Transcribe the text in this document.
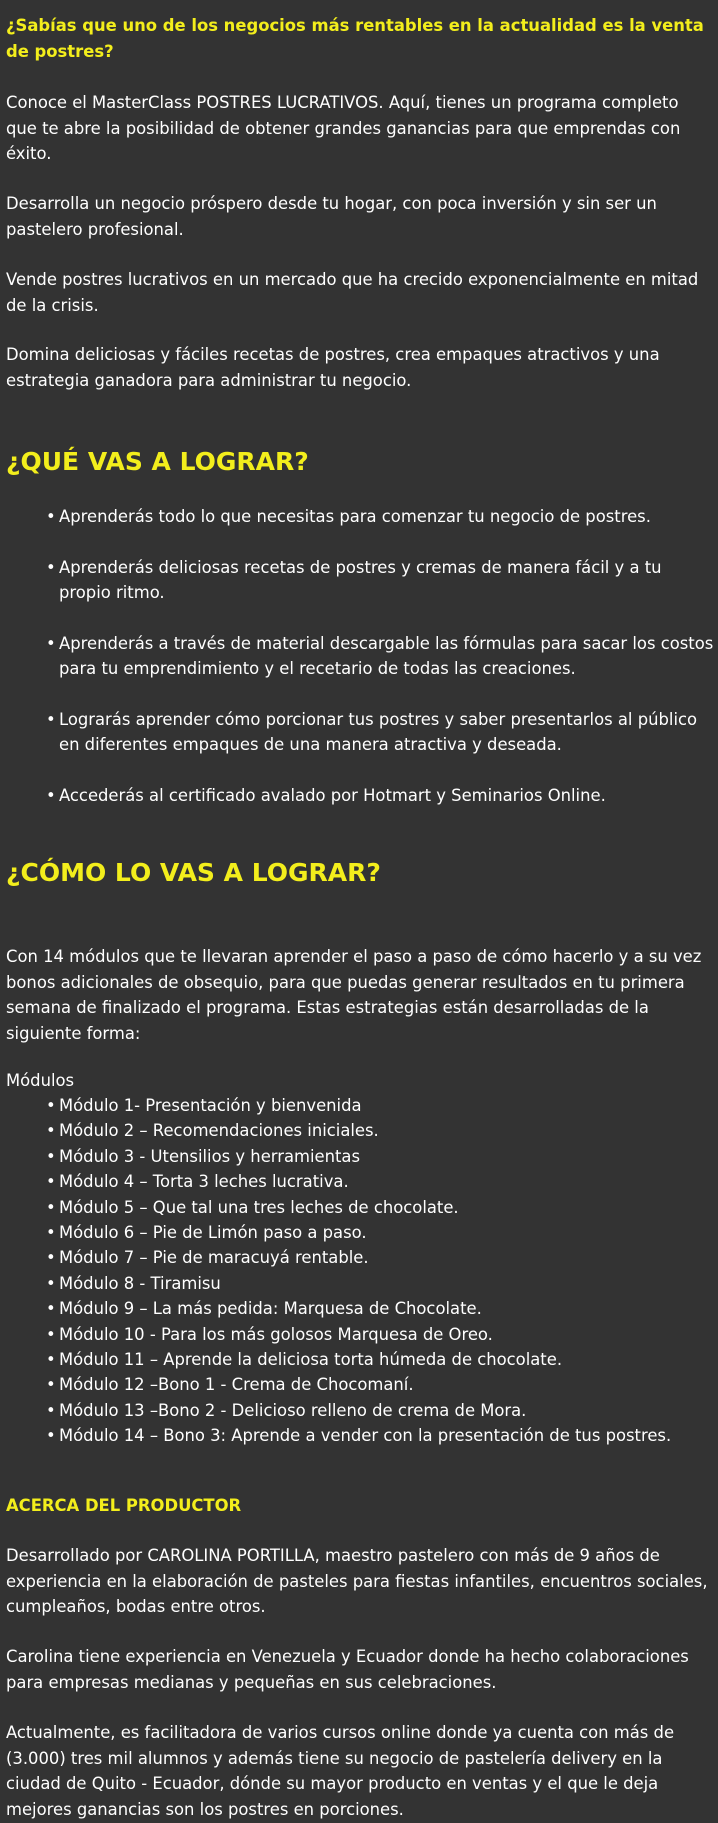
¿Sabías que uno de los negocios más rentables en la actualidad es la venta de postres?

Conoce el MasterClass POSTRES LUCRATIVOS. Aquí, tienes un programa completo que te abre la posibilidad de obtener grandes ganancias para que emprendas con éxito.

Desarrolla un negocio próspero desde tu hogar, con poca inversión y sin ser un pastelero profesional.

Vende postres lucrativos en un mercado que ha crecido exponencialmente en mitad de la crisis.

Domina deliciosas y fáciles recetas de postres, crea empaques atractivos y una estrategia ganadora para administrar tu negocio.

¿QUÉ VAS A LOGRAR?
• Aprenderás todo lo que necesitas para comenzar tu negocio de postres.
• Aprenderás deliciosas recetas de postres y cremas de manera fácil y a tu propio ritmo.
• Aprenderás a través de material descargable las fórmulas para sacar los costos para tu emprendimiento y el recetario de todas las creaciones.
• Lograrás aprender cómo porcionar tus postres y saber presentarlos al público en diferentes empaques de una manera atractiva y deseada.
• Accederás al certificado avalado por Hotmart y Seminarios Online.
¿CÓMO LO VAS A LOGRAR?

Con 14 módulos que te llevaran aprender el paso a paso de cómo hacerlo y a su vez bonos adicionales de obsequio, para que puedas generar resultados en tu primera semana de finalizado el programa. Estas estrategias están desarrolladas de la siguiente forma:

Módulos

• Módulo 1- Presentación y bienvenida
• Módulo 2 – Recomendaciones iniciales.
• Módulo 3 - Utensilios y herramientas
• Módulo 4 – Torta 3 leches lucrativa.
• Módulo 5 – Que tal una tres leches de chocolate.
• Módulo 6 – Pie de Limón paso a paso.
• Módulo 7 – Pie de maracuyá rentable.
• Módulo 8 - Tiramisu
• Módulo 9 – La más pedida: Marquesa de Chocolate.
• Módulo 10 - Para los más golosos Marquesa de Oreo.
• Módulo 11 – Aprende la deliciosa torta húmeda de chocolate.
• Módulo 12 –Bono 1 - Crema de Chocomaní.
• Módulo 13 –Bono 2 - Delicioso relleno de crema de Mora.
• Módulo 14 – Bono 3: Aprende a vender con la presentación de tus postres.
ACERCA DEL PRODUCTOR

Desarrollado por CAROLINA PORTILLA, maestro pastelero con más de 9 años de experiencia en la elaboración de pasteles para fiestas infantiles, encuentros sociales, cumpleaños, bodas entre otros.

Carolina tiene experiencia en Venezuela y Ecuador donde ha hecho colaboraciones para empresas medianas y pequeñas en sus celebraciones.

Actualmente, es facilitadora de varios cursos online donde ya cuenta con más de (3.000) tres mil alumnos y además tiene su negocio de pastelería delivery en la ciudad de Quito - Ecuador, dónde su mayor producto en ventas y el que le deja mejores ganancias son los postres en porciones.
